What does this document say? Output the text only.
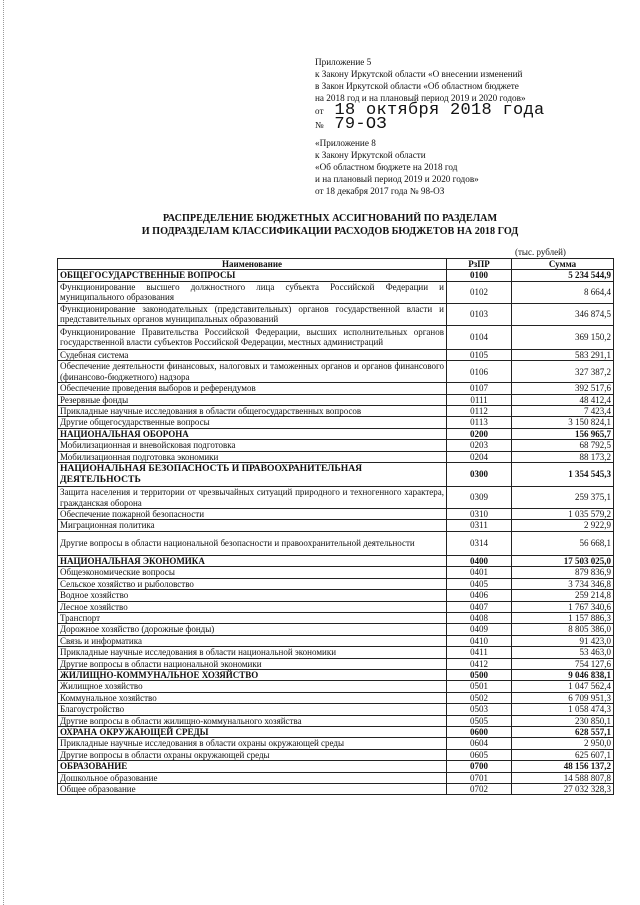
Приложение 5
к Закону Иркутской области «О внесении изменений
в Закон Иркутской области «Об областном бюджете
на 2018 год и на плановый период 2019 и 2020 годов»
от 18 октября 2018 года
№ 79-ОЗ
«Приложение 8
к Закону Иркутской области
«Об областном бюджете на 2018 год
и на плановый период 2019 и 2020 годов»
от 18 декабря 2017 года № 98-ОЗ
РАСПРЕДЕЛЕНИЕ БЮДЖЕТНЫХ АССИГНОВАНИЙ ПО РАЗДЕЛАМ
И ПОДРАЗДЕЛАМ КЛАССИФИКАЦИИ РАСХОДОВ БЮДЖЕТОВ НА 2018 ГОД
(тыс. рублей)
Наименование	РзПР	Сумма
ОБЩЕГОСУДАРСТВЕННЫЕ ВОПРОСЫ	0100	5 234 544,9
Функционирование высшего должностного лица субъекта Российской Федерации и муниципального образования	0102	8 664,4
Функционирование законодательных (представительных) органов государственной власти и представительных органов муниципальных образований	0103	346 874,5
Функционирование Правительства Российской Федерации, высших исполнительных органов государственной власти субъектов Российской Федерации, местных администраций	0104	369 150,2
Судебная система	0105	583 291,1
Обеспечение деятельности финансовых, налоговых и таможенных органов и органов финансового (финансово-бюджетного) надзора	0106	327 387,2
Обеспечение проведения выборов и референдумов	0107	392 517,6
Резервные фонды	0111	48 412,4
Прикладные научные исследования в области общегосударственных вопросов	0112	7 423,4
Другие общегосударственные вопросы	0113	3 150 824,1
НАЦИОНАЛЬНАЯ ОБОРОНА	0200	156 965,7
Мобилизационная и вневойсковая подготовка	0203	68 792,5
Мобилизационная подготовка экономики	0204	88 173,2
НАЦИОНАЛЬНАЯ БЕЗОПАСНОСТЬ И ПРАВООХРАНИТЕЛЬНАЯ ДЕЯТЕЛЬНОСТЬ	0300	1 354 545,3
Защита населения и территории от чрезвычайных ситуаций природного и техногенного характера, гражданская оборона	0309	259 375,1
Обеспечение пожарной безопасности	0310	1 035 579,2
Миграционная политика	0311	2 922,9
Другие вопросы в области национальной безопасности и правоохранительной деятельности	0314	56 668,1
НАЦИОНАЛЬНАЯ ЭКОНОМИКА	0400	17 503 025,0
Общеэкономические вопросы	0401	879 836,9
Сельское хозяйство и рыболовство	0405	3 734 346,8
Водное хозяйство	0406	259 214,8
Лесное хозяйство	0407	1 767 340,6
Транспорт	0408	1 157 886,3
Дорожное хозяйство (дорожные фонды)	0409	8 805 386,0
Связь и информатика	0410	91 423,0
Прикладные научные исследования в области национальной экономики	0411	53 463,0
Другие вопросы в области национальной экономики	0412	754 127,6
ЖИЛИЩНО-КОММУНАЛЬНОЕ ХОЗЯЙСТВО	0500	9 046 838,1
Жилищное хозяйство	0501	1 047 562,4
Коммунальное хозяйство	0502	6 709 951,3
Благоустройство	0503	1 058 474,3
Другие вопросы в области жилищно-коммунального хозяйства	0505	230 850,1
ОХРАНА ОКРУЖАЮЩЕЙ СРЕДЫ	0600	628 557,1
Прикладные научные исследования в области охраны окружающей среды	0604	2 950,0
Другие вопросы в области охраны окружающей среды	0605	625 607,1
ОБРАЗОВАНИЕ	0700	48 156 137,2
Дошкольное образование	0701	14 588 807,8
Общее образование	0702	27 032 328,3
